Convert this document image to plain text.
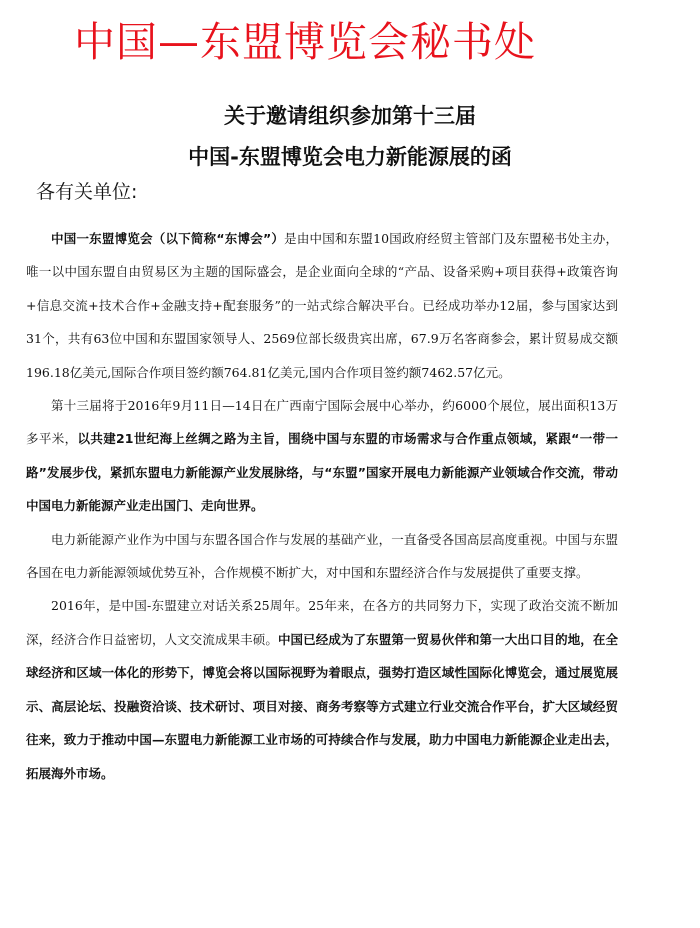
中国—东盟博览会秘书处
关于邀请组织参加第十三届
中国-东盟博览会电力新能源展的函
各有关单位:

中国一东盟博览会（以下简称“东博会”）是由中国和东盟10国政府经贸主管部门及东盟秘书处主办，唯一以中国东盟自由贸易区为主题的国际盛会，是企业面向全球的“产品、设备采购+项目获得+政策咨询+信息交流+技术合作+金融支持+配套服务”的一站式综合解决平台。已经成功举办12届，参与国家达到31个，共有63位中国和东盟国家领导人、2569位部长级贵宾出席，67.9万名客商参会，累计贸易成交额196.18亿美元,国际合作项目签约额764.81亿美元,国内合作项目签约额7462.57亿元。

第十三届将于2016年9月11日—14日在广西南宁国际会展中心举办，约6000个展位，展出面积13万多平米，以共建21世纪海上丝绸之路为主旨，围绕中国与东盟的市场需求与合作重点领域，紧跟“一带一路”发展步伐，紧抓东盟电力新能源产业发展脉络，与“东盟”国家开展电力新能源产业领域合作交流，带动中国电力新能源产业走出国门、走向世界。

电力新能源产业作为中国与东盟各国合作与发展的基础产业，一直备受各国高层高度重视。中国与东盟各国在电力新能源领域优势互补，合作规模不断扩大，对中国和东盟经济合作与发展提供了重要支撑。

2016年，是中国-东盟建立对话关系25周年。25年来，在各方的共同努力下，实现了政治交流不断加深，经济合作日益密切，人文交流成果丰硕。中国已经成为了东盟第一贸易伙伴和第一大出口目的地，在全球经济和区域一体化的形势下，博览会将以国际视野为着眼点，强势打造区域性国际化博览会，通过展览展示、高层论坛、投融资洽谈、技术研讨、项目对接、商务考察等方式建立行业交流合作平台，扩大区域经贸往来，致力于推动中国—东盟电力新能源工业市场的可持续合作与发展，助力中国电力新能源企业走出去，拓展海外市场。
